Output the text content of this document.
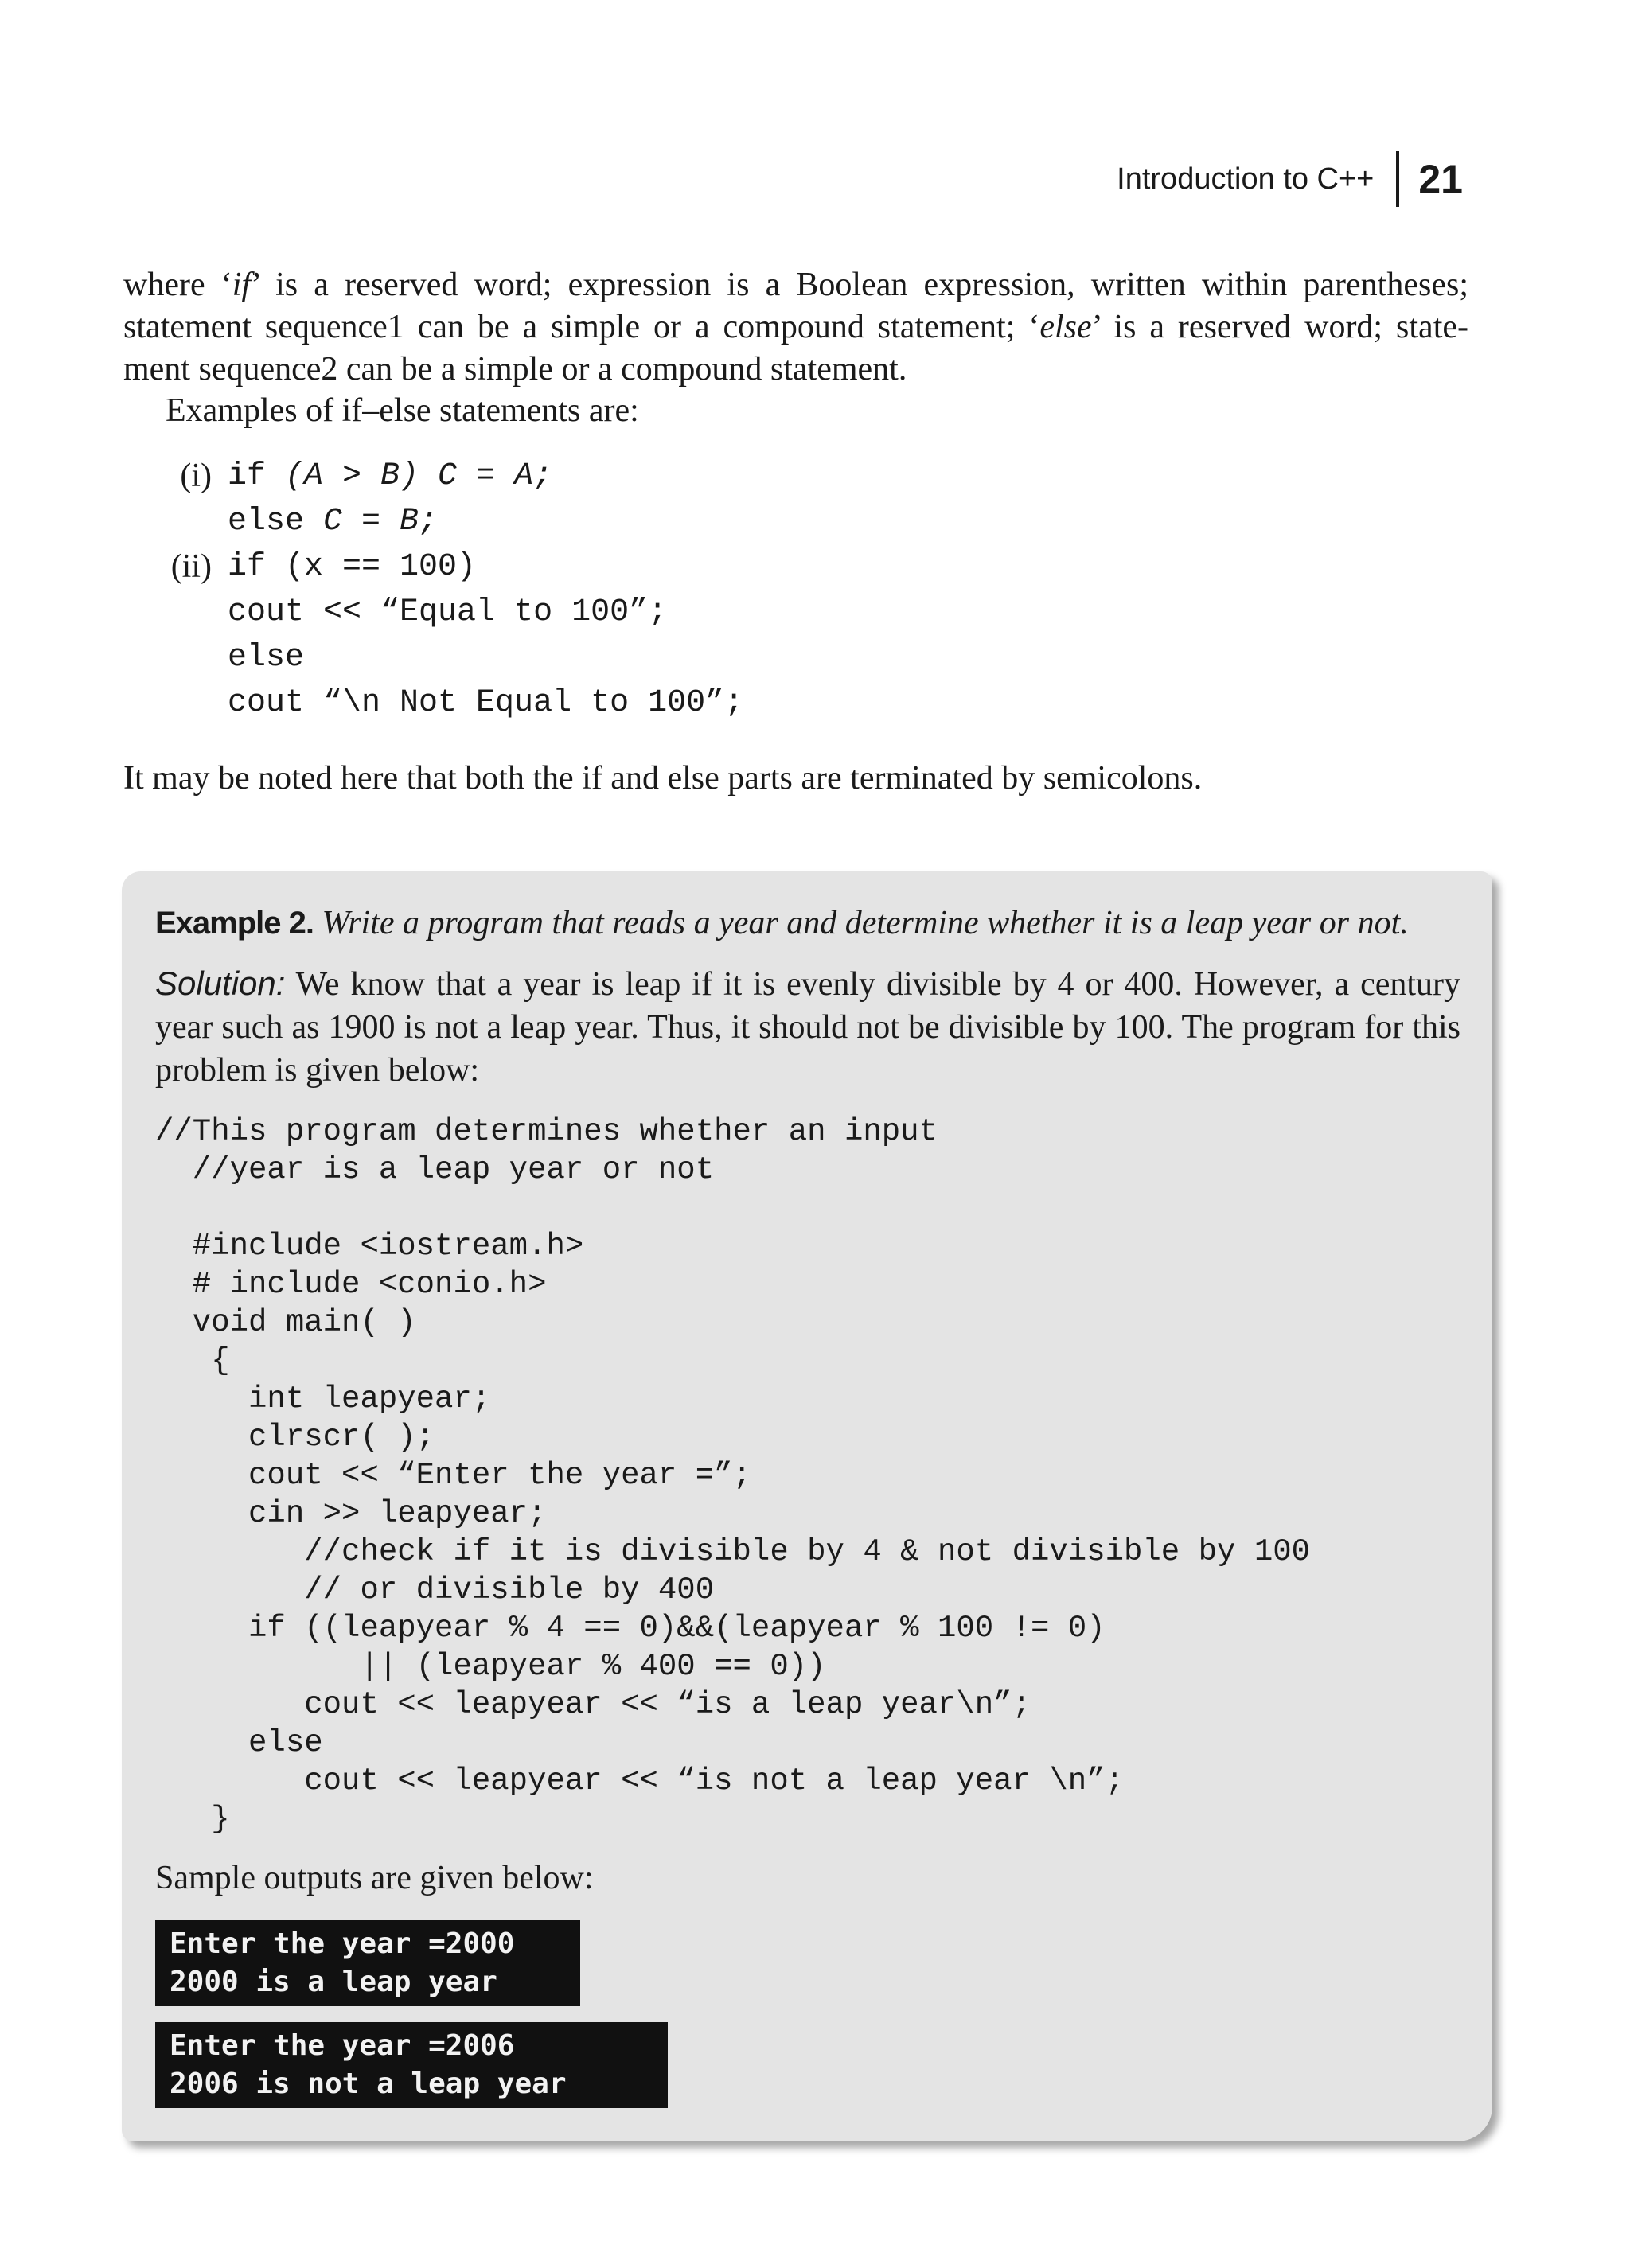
Introduction to C++	21
where ‘if’ is a reserved word; expression is a Boolean expression, written within parentheses;
statement sequence1 can be a simple or a compound statement; ‘else’ is a reserved word; state-
ment sequence2 can be a simple or a compound statement.
Examples of if–else statements are:
(i) if (A > B) C = A;
else C = B;
(ii) if (x == 100)
cout << “Equal to 100”;
else
cout “\n Not Equal to 100”;
It may be noted here that both the if and else parts are terminated by semicolons.
Example 2. Write a program that reads a year and determine whether it is a leap year or not.
Solution: We know that a year is leap if it is evenly divisible by 4 or 400. However, a century year such as 1900 is not a leap year. Thus, it should not be divisible by 100. The program for this problem is given below:
//This program determines whether an input
//year is a leap year or not

#include <iostream.h>
# include <conio.h>
void main( )
{
int leapyear;
clrscr( );
cout << “Enter the year =”;
cin >> leapyear;
//check if it is divisible by 4 & not divisible by 100
// or divisible by 400
if ((leapyear % 4 == 0)&&(leapyear % 100 != 0)
|| (leapyear % 400 == 0))
cout << leapyear << “is a leap year\n”;
else
cout << leapyear << “is not a leap year \n”;
}
Sample outputs are given below:
Enter the year =2000
2000 is a leap year
Enter the year =2006
2006 is not a leap year
